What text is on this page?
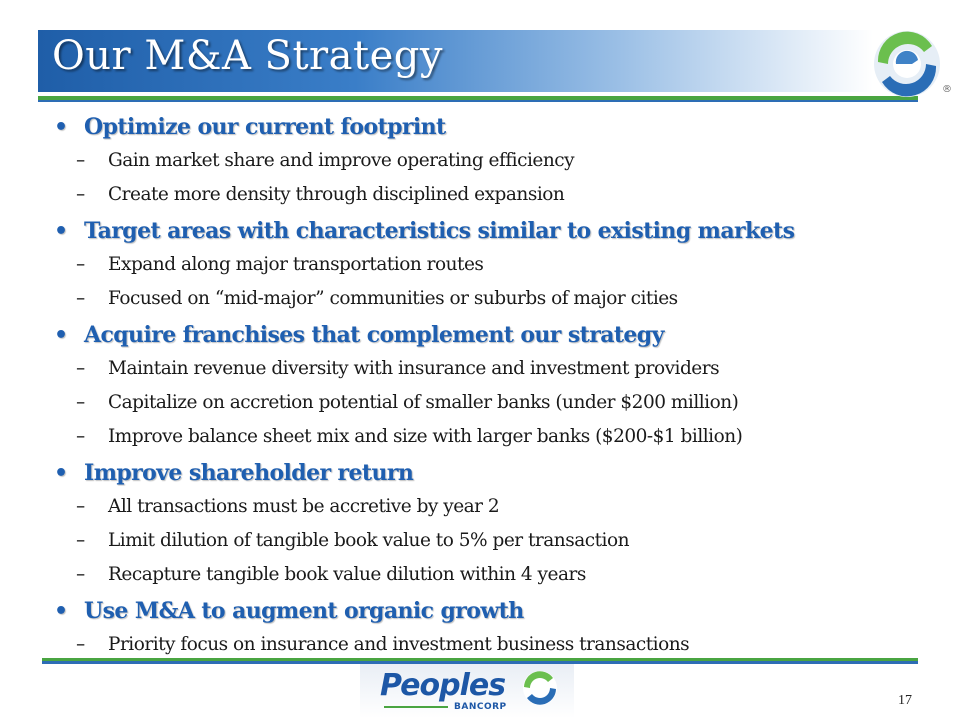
Our M&A Strategy
®
• Optimize our current footprint
–	Gain market share and improve operating efficiency
–	Create more density through disciplined expansion
• Target areas with characteristics similar to existing markets
–	Expand along major transportation routes
–	Focused on “mid-major” communities or suburbs of major cities
• Acquire franchises that complement our strategy
–	Maintain revenue diversity with insurance and investment providers
–	Capitalize on accretion potential of smaller banks (under $200 million)
–	Improve balance sheet mix and size with larger banks ($200-$1 billion)
• Improve shareholder return
–	All transactions must be accretive by year 2
–	Limit dilution of tangible book value to 5% per transaction
–	Recapture tangible book value dilution within 4 years
• Use M&A to augment organic growth
–	Priority focus on insurance and investment business transactions
Peoples
BANCORP	17
